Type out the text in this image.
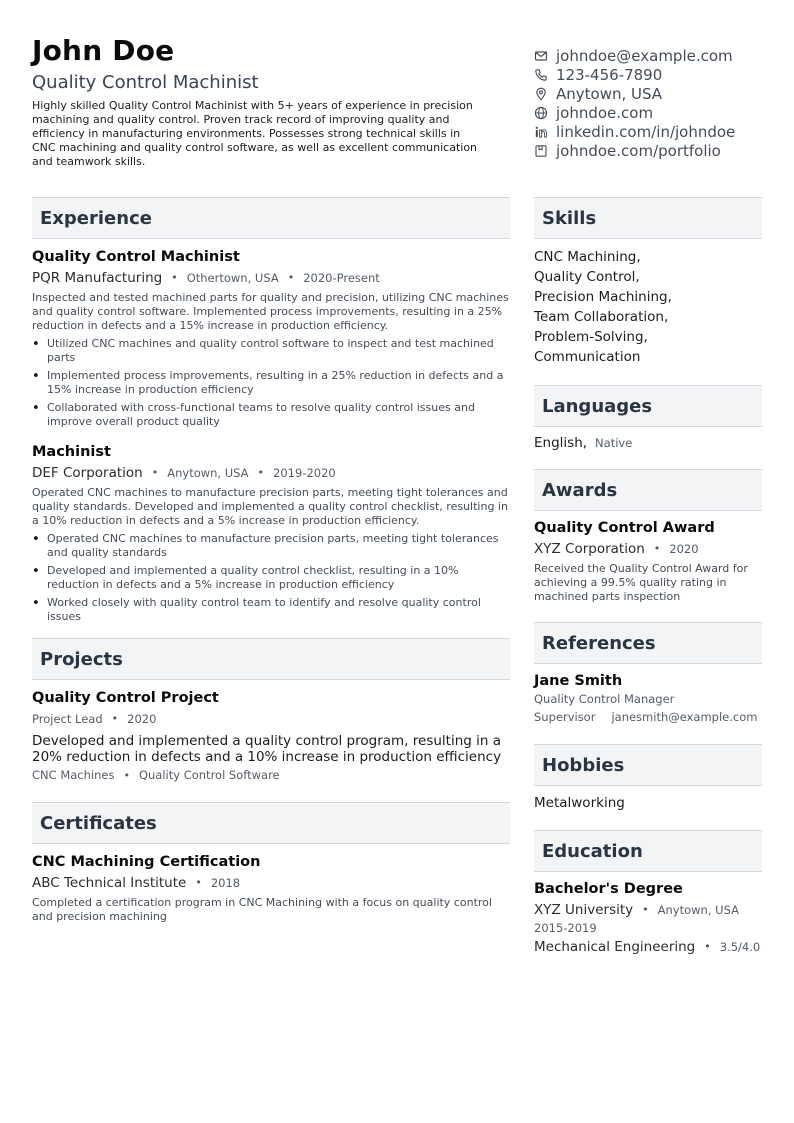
John Doe
Quality Control Machinist
Highly skilled Quality Control Machinist with 5+ years of experience in precision machining and quality control. Proven track record of improving quality and efficiency in manufacturing environments. Possesses strong technical skills in CNC machining and quality control software, as well as excellent communication and teamwork skills.
johndoe@example.com
123-456-7890
Anytown, USA
johndoe.com
linkedin.com/in/johndoe
johndoe.com/portfolio
Experience
Quality Control Machinist
PQR Manufacturing • Othertown, USA • 2020-Present
Inspected and tested machined parts for quality and precision, utilizing CNC machines and quality control software. Implemented process improvements, resulting in a 25% reduction in defects and a 15% increase in production efficiency.
• Utilized CNC machines and quality control software to inspect and test machined parts
• Implemented process improvements, resulting in a 25% reduction in defects and a 15% increase in production efficiency
• Collaborated with cross-functional teams to resolve quality control issues and improve overall product quality
Machinist
DEF Corporation • Anytown, USA • 2019-2020
Operated CNC machines to manufacture precision parts, meeting tight tolerances and quality standards. Developed and implemented a quality control checklist, resulting in a 10% reduction in defects and a 5% increase in production efficiency.
• Operated CNC machines to manufacture precision parts, meeting tight tolerances and quality standards
• Developed and implemented a quality control checklist, resulting in a 10% reduction in defects and a 5% increase in production efficiency
• Worked closely with quality control team to identify and resolve quality control issues
Projects
Quality Control Project
Project Lead • 2020
Developed and implemented a quality control program, resulting in a 20% reduction in defects and a 10% increase in production efficiency
CNC Machines • Quality Control Software
Certificates
CNC Machining Certification
ABC Technical Institute • 2018
Completed a certification program in CNC Machining with a focus on quality control and precision machining
Skills
CNC Machining,
Quality Control,
Precision Machining,
Team Collaboration,
Problem-Solving,
Communication
Languages
English, Native
Awards
Quality Control Award
XYZ Corporation • 2020
Received the Quality Control Award for achieving a 99.5% quality rating in machined parts inspection
References
Jane Smith
Quality Control Manager
Supervisor janesmith@example.com
Hobbies
Metalworking
Education
Bachelor's Degree
XYZ University • Anytown, USA
2015-2019
Mechanical Engineering • 3.5/4.0
